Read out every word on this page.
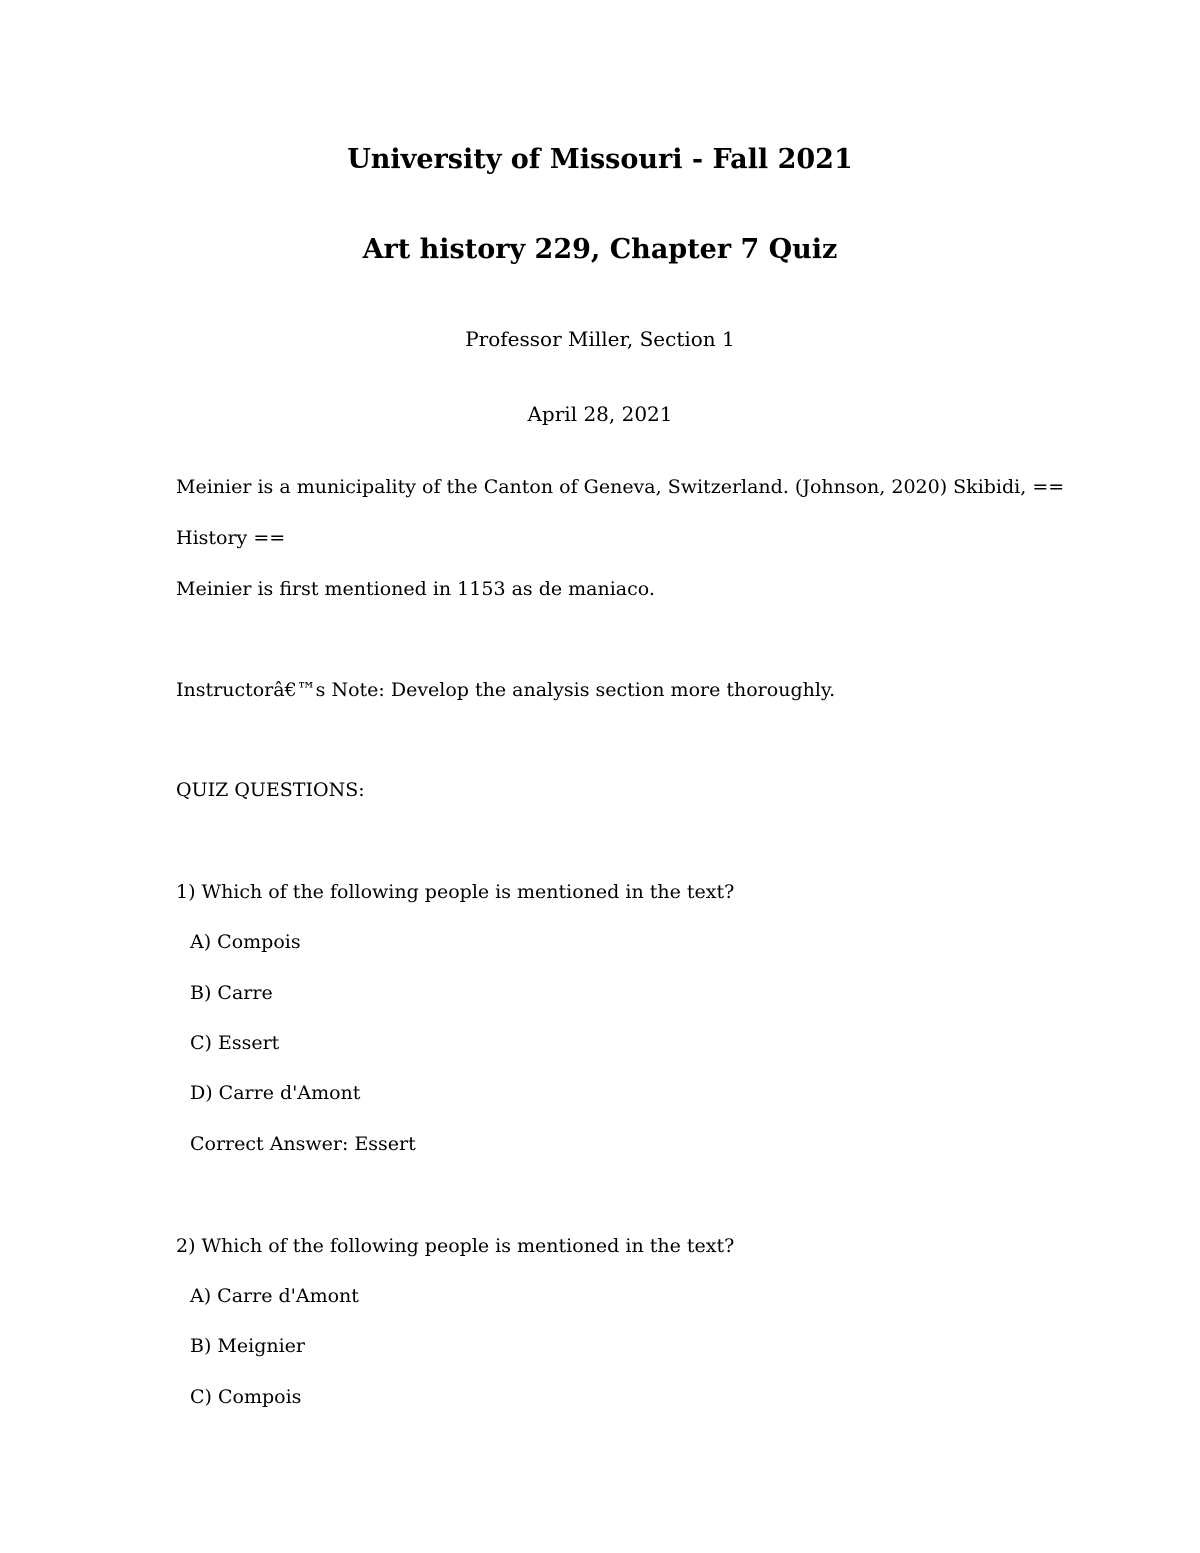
University of Missouri - Fall 2021
Art history 229, Chapter 7 Quiz
Professor Miller, Section 1
April 28, 2021
Meinier is a municipality of the Canton of Geneva, Switzerland. (Johnson, 2020) Skibidi, ==
History ==
Meinier is first mentioned in 1153 as de maniaco.
Instructorâ€™s Note: Develop the analysis section more thoroughly.
QUIZ QUESTIONS:
1) Which of the following people is mentioned in the text?
A) Compois
B) Carre
C) Essert
D) Carre d'Amont
Correct Answer: Essert
2) Which of the following people is mentioned in the text?
A) Carre d'Amont
B) Meignier
C) Compois
